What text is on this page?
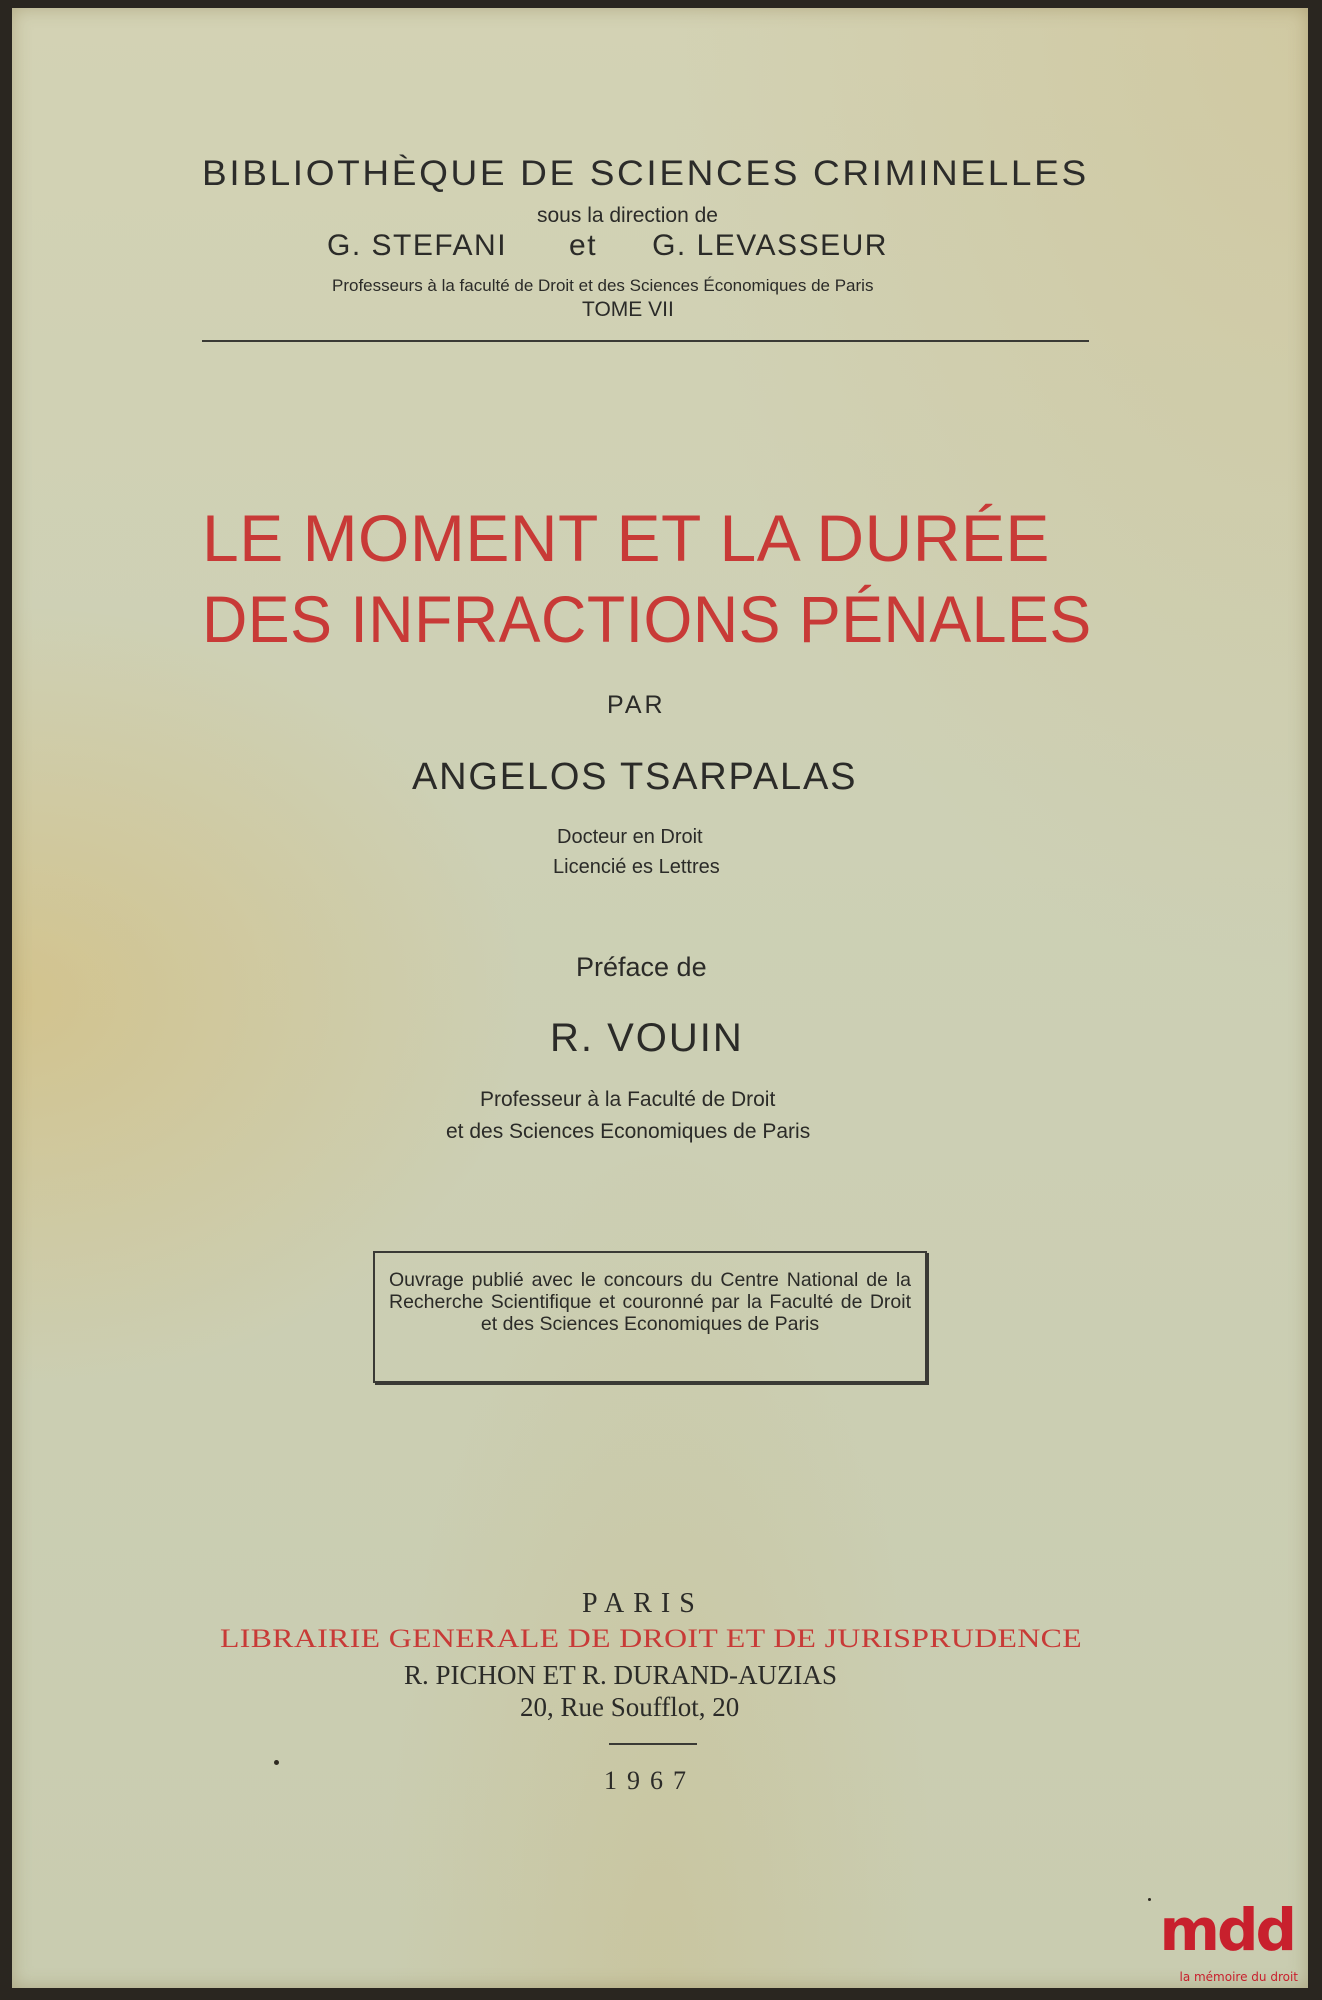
BIBLIOTHÈQUE DE SCIENCES CRIMINELLES
sous la direction de
G. STEFANI et G. LEVASSEUR
Professeurs à la faculté de Droit et des Sciences Économiques de Paris
TOME VII
LE MOMENT ET LA DURÉE
DES INFRACTIONS PÉNALES
PAR
ANGELOS TSARPALAS
Docteur en Droit
Licencié es Lettres
Préface de
R. VOUIN
Professeur à la Faculté de Droit
et des Sciences Economiques de Paris
Ouvrage publié avec le concours du Centre National de la Recherche Scientifique et couronné par la Faculté de Droit et des Sciences Economiques de Paris
PARIS
LIBRAIRIE GENERALE DE DROIT ET DE JURISPRUDENCE
R. PICHON ET R. DURAND-AUZIAS
20, Rue Soufflot, 20
1967
mdd
la mémoire du droit
